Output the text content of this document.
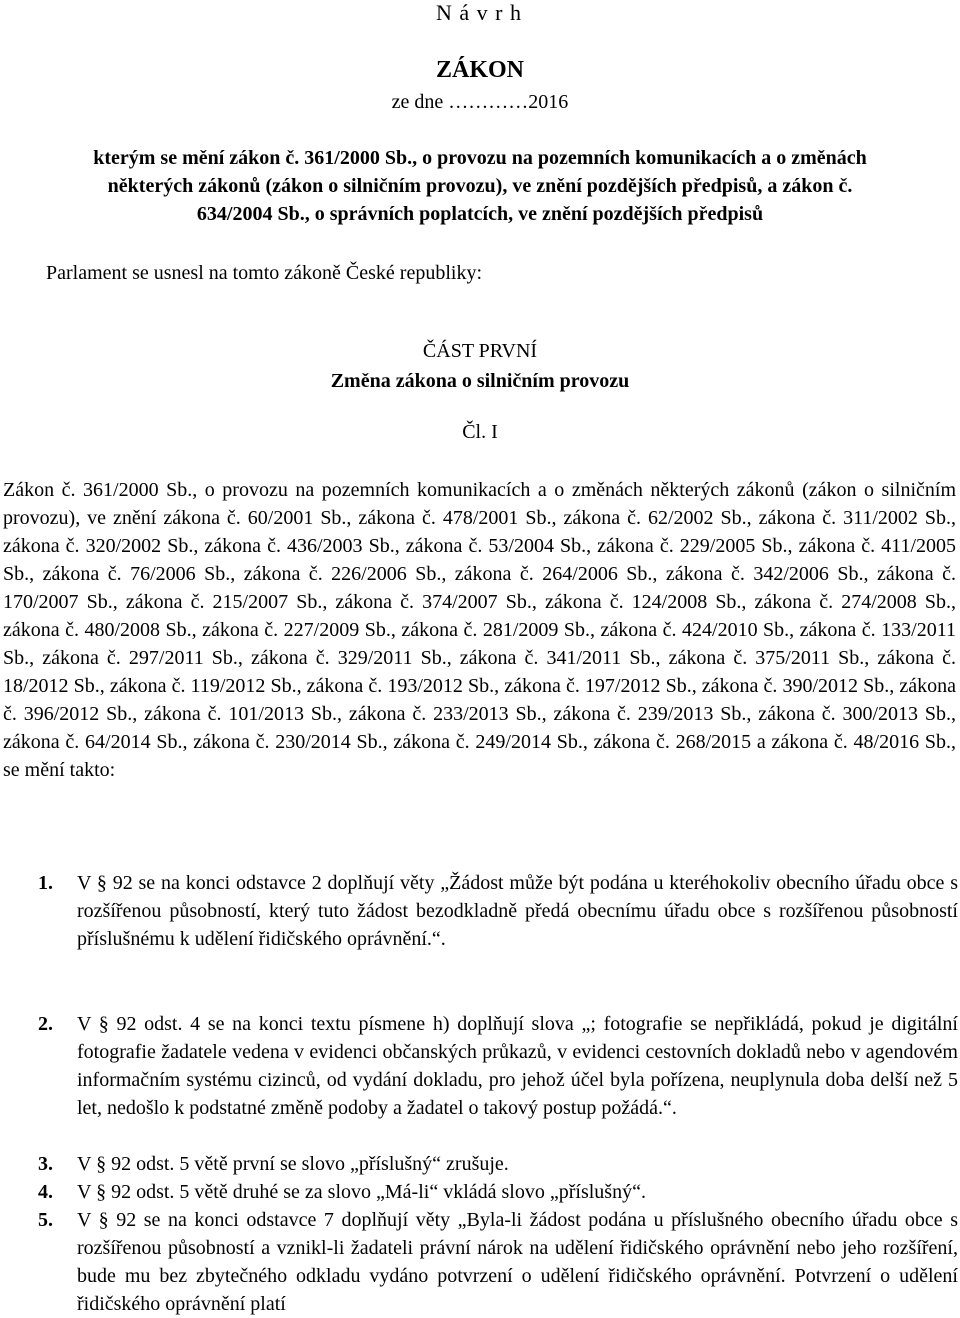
N á v r h
ZÁKON
ze dne …………2016
kterým se mění zákon č. 361/2000 Sb., o provozu na pozemních komunikacích a o změnách
některých zákonů (zákon o silničním provozu), ve znění pozdějších předpisů, a zákon č.
634/2004 Sb., o správních poplatcích, ve znění pozdějších předpisů
Parlament se usnesl na tomto zákoně České republiky:
ČÁST PRVNÍ
Změna zákona o silničním provozu
Čl. I

Zákon č. 361/2000 Sb., o provozu na pozemních komunikacích a o změnách některých zákonů (zákon o silničním provozu), ve znění zákona č. 60/2001 Sb., zákona č. 478/2001 Sb., zákona č. 62/2002 Sb., zákona č. 311/2002 Sb., zákona č. 320/2002 Sb., zákona č. 436/2003 Sb., zákona č. 53/2004 Sb., zákona č. 229/2005 Sb., zákona č. 411/2005 Sb., zákona č. 76/2006 Sb., zákona č. 226/2006 Sb., zákona č. 264/2006 Sb., zákona č. 342/2006 Sb., zákona č. 170/2007 Sb., zákona č. 215/2007 Sb., zákona č. 374/2007 Sb., zákona č. 124/2008 Sb., zákona č. 274/2008 Sb., zákona č. 480/2008 Sb., zákona č. 227/2009 Sb., zákona č. 281/2009 Sb., zákona č. 424/2010 Sb., zákona č. 133/2011 Sb., zákona č. 297/2011 Sb., zákona č. 329/2011 Sb., zákona č. 341/2011 Sb., zákona č. 375/2011 Sb., zákona č. 18/2012 Sb., zákona č. 119/2012 Sb., zákona č. 193/2012 Sb., zákona č. 197/2012 Sb., zákona č. 390/2012 Sb., zákona č. 396/2012 Sb., zákona č. 101/2013 Sb., zákona č. 233/2013 Sb., zákona č. 239/2013 Sb., zákona č. 300/2013 Sb., zákona č. 64/2014 Sb., zákona č. 230/2014 Sb., zákona č. 249/2014 Sb., zákona č. 268/2015 a zákona č. 48/2016 Sb., se mění takto:

1. V § 92 se na konci odstavce 2 doplňují věty „Žádost může být podána u kteréhokoliv obecního úřadu obce s rozšířenou působností, který tuto žádost bezodkladně předá obecnímu úřadu obce s rozšířenou působností příslušnému k udělení řidičského oprávnění.“.
2. V § 92 odst. 4 se na konci textu písmene h) doplňují slova „; fotografie se nepřikládá, pokud je digitální fotografie žadatele vedena v evidenci občanských průkazů, v evidenci cestovních dokladů nebo v agendovém informačním systému cizinců, od vydání dokladu, pro jehož účel byla pořízena, neuplynula doba delší než 5 let, nedošlo k podstatné změně podoby a žadatel o takový postup požádá.“.
3. V § 92 odst. 5 větě první se slovo „příslušný“ zrušuje.
4. V § 92 odst. 5 větě druhé se za slovo „Má-li“ vkládá slovo „příslušný“.
5. V § 92 se na konci odstavce 7 doplňují věty „Byla-li žádost podána u příslušného obecního úřadu obce s rozšířenou působností a vznikl-li žadateli právní nárok na udělení řidičského oprávnění nebo jeho rozšíření, bude mu bez zbytečného odkladu vydáno potvrzení o udělení řidičského oprávnění. Potvrzení o udělení řidičského oprávnění platí
